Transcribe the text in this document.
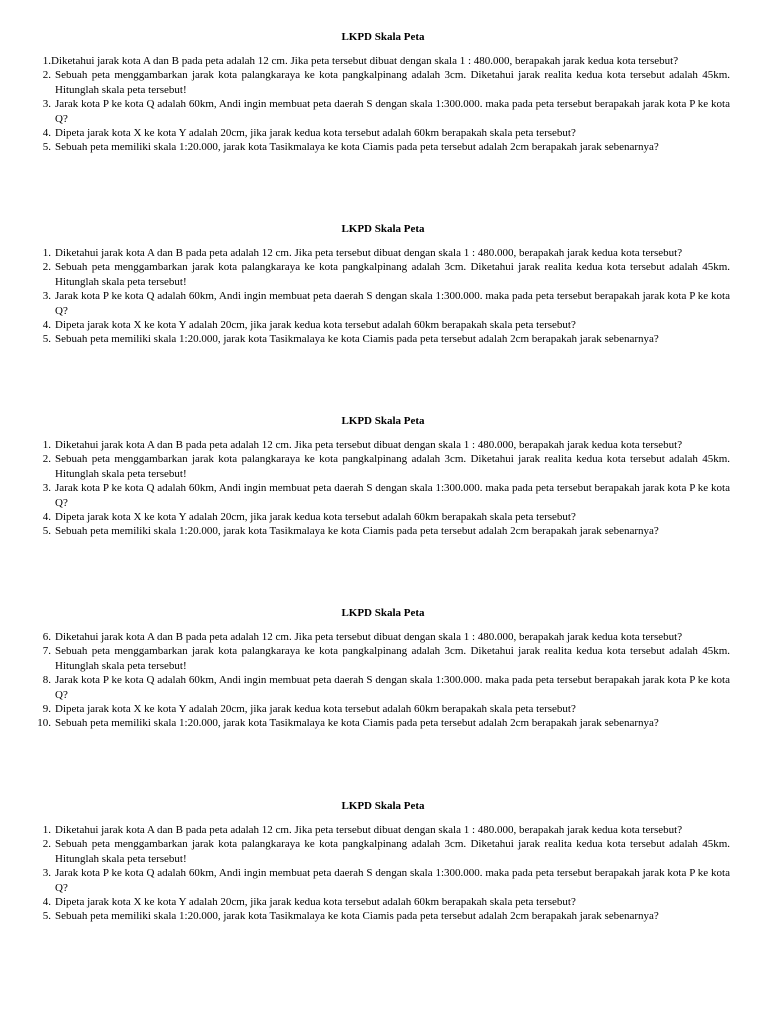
LKPD Skala Peta
1. Diketahui jarak kota A dan B pada peta adalah 12 cm. Jika peta tersebut dibuat dengan skala 1 : 480.000, berapakah jarak kedua kota tersebut?
2. Sebuah peta menggambarkan jarak kota palangkaraya ke kota pangkalpinang adalah 3cm. Diketahui jarak realita kedua kota tersebut adalah 45km. Hitunglah skala peta tersebut!
3. Jarak kota P ke kota Q adalah 60km, Andi ingin membuat peta daerah S dengan skala 1:300.000. maka pada peta tersebut berapakah jarak kota P ke kota Q?
4. Dipeta jarak kota X ke kota Y adalah 20cm, jika jarak kedua kota tersebut adalah 60km berapakah skala peta tersebut?
5. Sebuah peta memiliki skala 1:20.000, jarak kota Tasikmalaya ke kota Ciamis pada peta tersebut adalah 2cm berapakah jarak sebenarnya?
LKPD Skala Peta
1. Diketahui jarak kota A dan B pada peta adalah 12 cm. Jika peta tersebut dibuat dengan skala 1 : 480.000, berapakah jarak kedua kota tersebut?
2. Sebuah peta menggambarkan jarak kota palangkaraya ke kota pangkalpinang adalah 3cm. Diketahui jarak realita kedua kota tersebut adalah 45km. Hitunglah skala peta tersebut!
3. Jarak kota P ke kota Q adalah 60km, Andi ingin membuat peta daerah S dengan skala 1:300.000. maka pada peta tersebut berapakah jarak kota P ke kota Q?
4. Dipeta jarak kota X ke kota Y adalah 20cm, jika jarak kedua kota tersebut adalah 60km berapakah skala peta tersebut?
5. Sebuah peta memiliki skala 1:20.000, jarak kota Tasikmalaya ke kota Ciamis pada peta tersebut adalah 2cm berapakah jarak sebenarnya?
LKPD Skala Peta
1. Diketahui jarak kota A dan B pada peta adalah 12 cm. Jika peta tersebut dibuat dengan skala 1 : 480.000, berapakah jarak kedua kota tersebut?
2. Sebuah peta menggambarkan jarak kota palangkaraya ke kota pangkalpinang adalah 3cm. Diketahui jarak realita kedua kota tersebut adalah 45km. Hitunglah skala peta tersebut!
3. Jarak kota P ke kota Q adalah 60km, Andi ingin membuat peta daerah S dengan skala 1:300.000. maka pada peta tersebut berapakah jarak kota P ke kota Q?
4. Dipeta jarak kota X ke kota Y adalah 20cm, jika jarak kedua kota tersebut adalah 60km berapakah skala peta tersebut?
5. Sebuah peta memiliki skala 1:20.000, jarak kota Tasikmalaya ke kota Ciamis pada peta tersebut adalah 2cm berapakah jarak sebenarnya?
LKPD Skala Peta
6. Diketahui jarak kota A dan B pada peta adalah 12 cm. Jika peta tersebut dibuat dengan skala 1 : 480.000, berapakah jarak kedua kota tersebut?
7. Sebuah peta menggambarkan jarak kota palangkaraya ke kota pangkalpinang adalah 3cm. Diketahui jarak realita kedua kota tersebut adalah 45km. Hitunglah skala peta tersebut!
8. Jarak kota P ke kota Q adalah 60km, Andi ingin membuat peta daerah S dengan skala 1:300.000. maka pada peta tersebut berapakah jarak kota P ke kota Q?
9. Dipeta jarak kota X ke kota Y adalah 20cm, jika jarak kedua kota tersebut adalah 60km berapakah skala peta tersebut?
10. Sebuah peta memiliki skala 1:20.000, jarak kota Tasikmalaya ke kota Ciamis pada peta tersebut adalah 2cm berapakah jarak sebenarnya?
LKPD Skala Peta
1. Diketahui jarak kota A dan B pada peta adalah 12 cm. Jika peta tersebut dibuat dengan skala 1 : 480.000, berapakah jarak kedua kota tersebut?
2. Sebuah peta menggambarkan jarak kota palangkaraya ke kota pangkalpinang adalah 3cm. Diketahui jarak realita kedua kota tersebut adalah 45km. Hitunglah skala peta tersebut!
3. Jarak kota P ke kota Q adalah 60km, Andi ingin membuat peta daerah S dengan skala 1:300.000. maka pada peta tersebut berapakah jarak kota P ke kota Q?
4. Dipeta jarak kota X ke kota Y adalah 20cm, jika jarak kedua kota tersebut adalah 60km berapakah skala peta tersebut?
5. Sebuah peta memiliki skala 1:20.000, jarak kota Tasikmalaya ke kota Ciamis pada peta tersebut adalah 2cm berapakah jarak sebenarnya?
